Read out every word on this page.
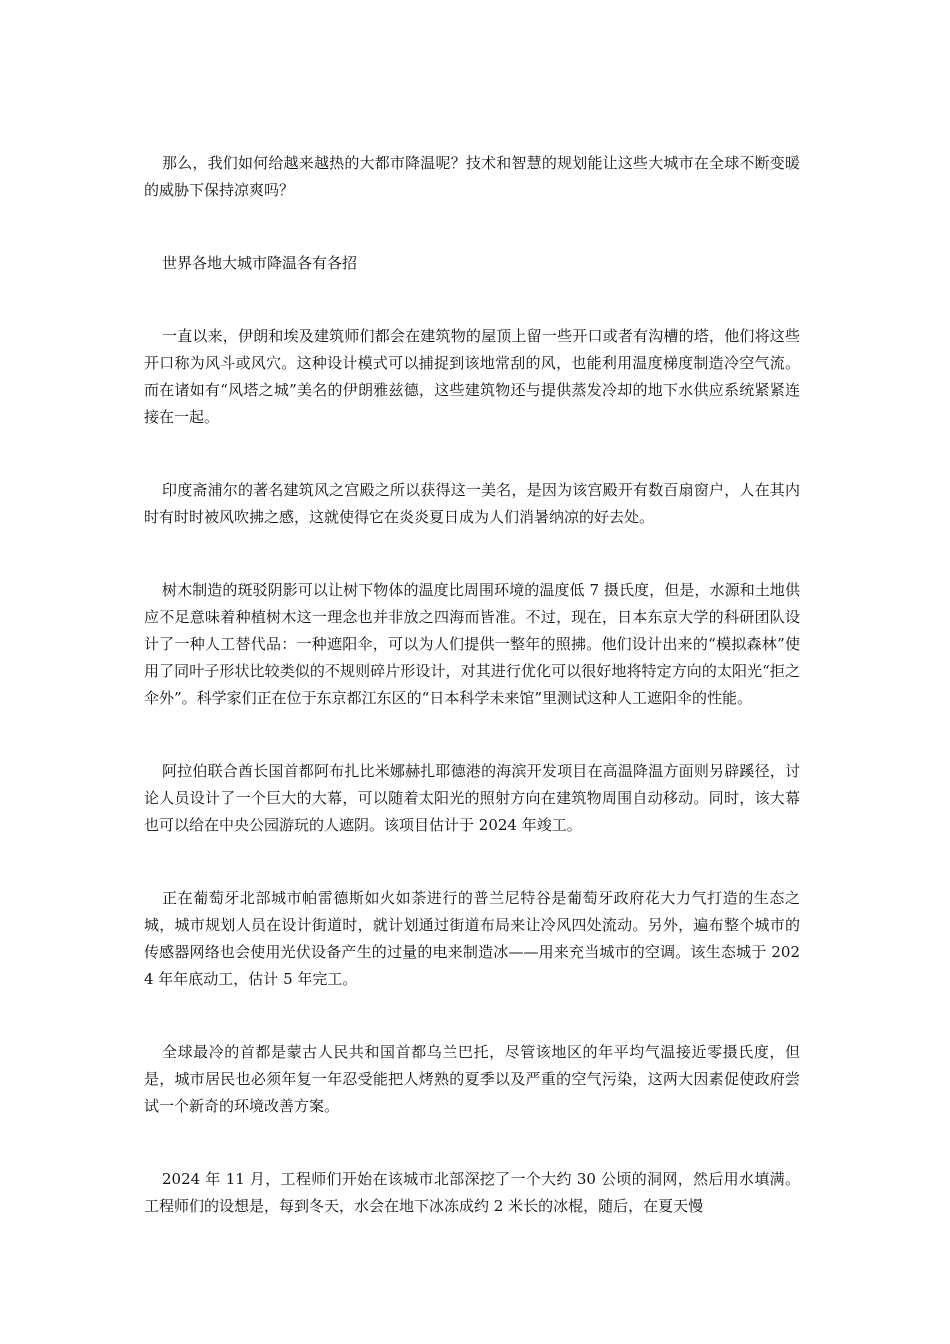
那么，我们如何给越来越热的大都市降温呢？技术和智慧的规划能让这些大城市在全球不断变暖的威胁下保持凉爽吗？

世界各地大城市降温各有各招

一直以来，伊朗和埃及建筑师们都会在建筑物的屋顶上留一些开口或者有沟槽的塔，他们将这些开口称为风斗或风穴。这种设计模式可以捕捉到该地常刮的风，也能利用温度梯度制造冷空气流。而在诸如有“风塔之城”美名的伊朗雅兹德，这些建筑物还与提供蒸发冷却的地下水供应系统紧紧连接在一起。

印度斋浦尔的著名建筑风之宫殿之所以获得这一美名，是因为该宫殿开有数百扇窗户，人在其内时有时时被风吹拂之感，这就使得它在炎炎夏日成为人们消暑纳凉的好去处。

树木制造的斑驳阴影可以让树下物体的温度比周围环境的温度低 7 摄氏度，但是，水源和土地供应不足意味着种植树木这一理念也并非放之四海而皆准。不过，现在，日本东京大学的科研团队设计了一种人工替代品：一种遮阳伞，可以为人们提供一整年的照拂。他们设计出来的“模拟森林”使用了同叶子形状比较类似的不规则碎片形设计，对其进行优化可以很好地将特定方向的太阳光“拒之伞外”。科学家们正在位于东京都江东区的“日本科学未来馆”里测试这种人工遮阳伞的性能。

阿拉伯联合酋长国首都阿布扎比米娜赫扎耶德港的海滨开发项目在高温降温方面则另辟蹊径，讨论人员设计了一个巨大的大幕，可以随着太阳光的照射方向在建筑物周围自动移动。同时，该大幕也可以给在中央公园游玩的人遮阴。该项目估计于 2024 年竣工。

正在葡萄牙北部城市帕雷德斯如火如荼进行的普兰尼特谷是葡萄牙政府花大力气打造的生态之城，城市规划人员在设计街道时，就计划通过街道布局来让冷风四处流动。另外，遍布整个城市的传感器网络也会使用光伏设备产生的过量的电来制造冰——用来充当城市的空调。该生态城于 2024 年年底动工，估计 5 年完工。

全球最冷的首都是蒙古人民共和国首都乌兰巴托，尽管该地区的年平均气温接近零摄氏度，但是，城市居民也必须年复一年忍受能把人烤熟的夏季以及严重的空气污染，这两大因素促使政府尝试一个新奇的环境改善方案。

2024 年 11 月，工程师们开始在该城市北部深挖了一个大约 30 公顷的洞网，然后用水填满。工程师们的设想是，每到冬天，水会在地下冰冻成约 2 米长的冰棍，随后，在夏天慢
